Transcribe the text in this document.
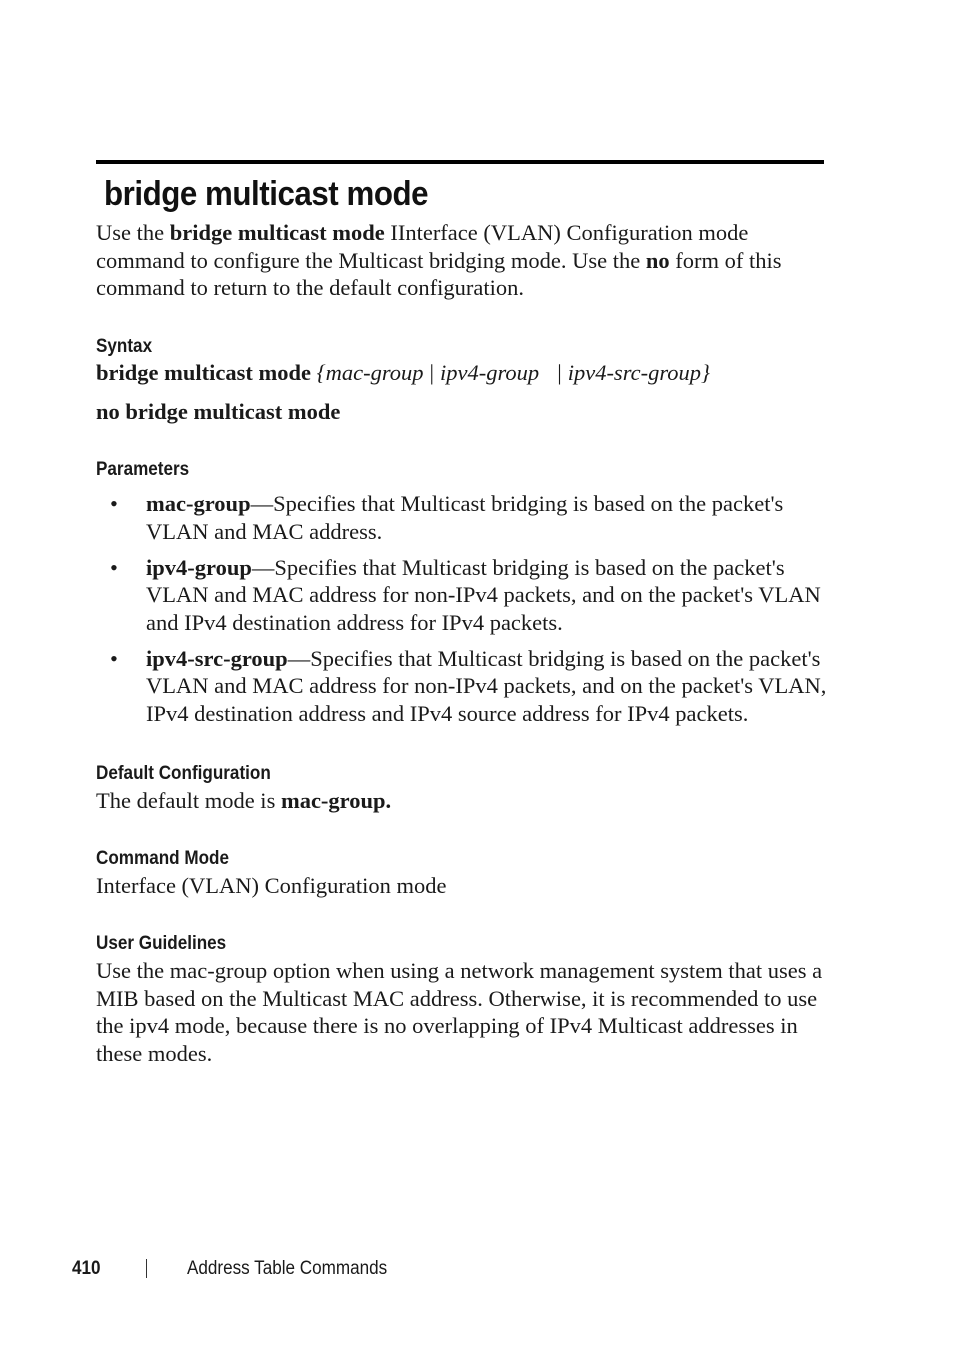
bridge multicast mode

Use the bridge multicast mode IInterface (VLAN) Configuration mode command to configure the Multicast bridging mode. Use the no form of this command to return to the default configuration.

Syntax

bridge multicast mode {mac-group | ipv4-group | ipv4-src-group}

no bridge multicast mode

Parameters
• mac-group—Specifies that Multicast bridging is based on the packet's VLAN and MAC address.
• ipv4-group—Specifies that Multicast bridging is based on the packet's VLAN and MAC address for non-IPv4 packets, and on the packet's VLAN and IPv4 destination address for IPv4 packets.
• ipv4-src-group—Specifies that Multicast bridging is based on the packet's VLAN and MAC address for non-IPv4 packets, and on the packet's VLAN, IPv4 destination address and IPv4 source address for IPv4 packets.
Default Configuration

The default mode is mac-group.

Command Mode

Interface (VLAN) Configuration mode

User Guidelines

Use the mac-group option when using a network management system that uses a MIB based on the Multicast MAC address. Otherwise, it is recommended to use the ipv4 mode, because there is no overlapping of IPv4 Multicast addresses in these modes.

410	Address Table Commands
